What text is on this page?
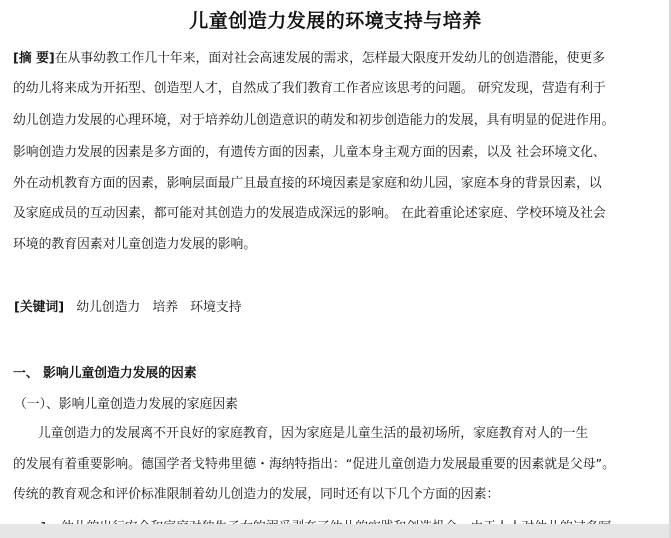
儿童创造力发展的环境支持与培养
[摘 要]在从事幼教工作几十年来，面对社会高速发展的需求，怎样最大限度开发幼儿的创造潜能，使更多
的幼儿将来成为开拓型、创造型人才，自然成了我们教育工作者应该思考的问题。 研究发现，营造有利于
幼儿创造力发展的心理环境，对于培养幼儿创造意识的萌发和初步创造能力的发展，具有明显的促进作用。
影响创造力发展的因素是多方面的，有遗传方面的因素，儿童本身主观方面的因素，以及 社会环境文化、
外在动机教育方面的因素，影响层面最广且最直接的环境因素是家庭和幼儿园，家庭本身的背景因素，以
及家庭成员的互动因素，都可能对其创造力的发展造成深远的影响。 在此着重论述家庭、学校环境及社会
环境的教育因素对儿童创造力发展的影响。
[关键词] 幼儿创造力   培养   环境支持
一、 影响儿童创造力发展的因素
（一）、影响儿童创造力发展的家庭因素
儿童创造力的发展离不开良好的家庭教育，因为家庭是儿童生活的最初场所，家庭教育对人的一生
的发展有着重要影响。德国学者戈特弗里德・海纳特指出：“促进儿童创造力发展最重要的因素就是父母”。
传统的教育观念和评价标准限制着幼儿创造力的发展，同时还有以下几个方面的因素：
